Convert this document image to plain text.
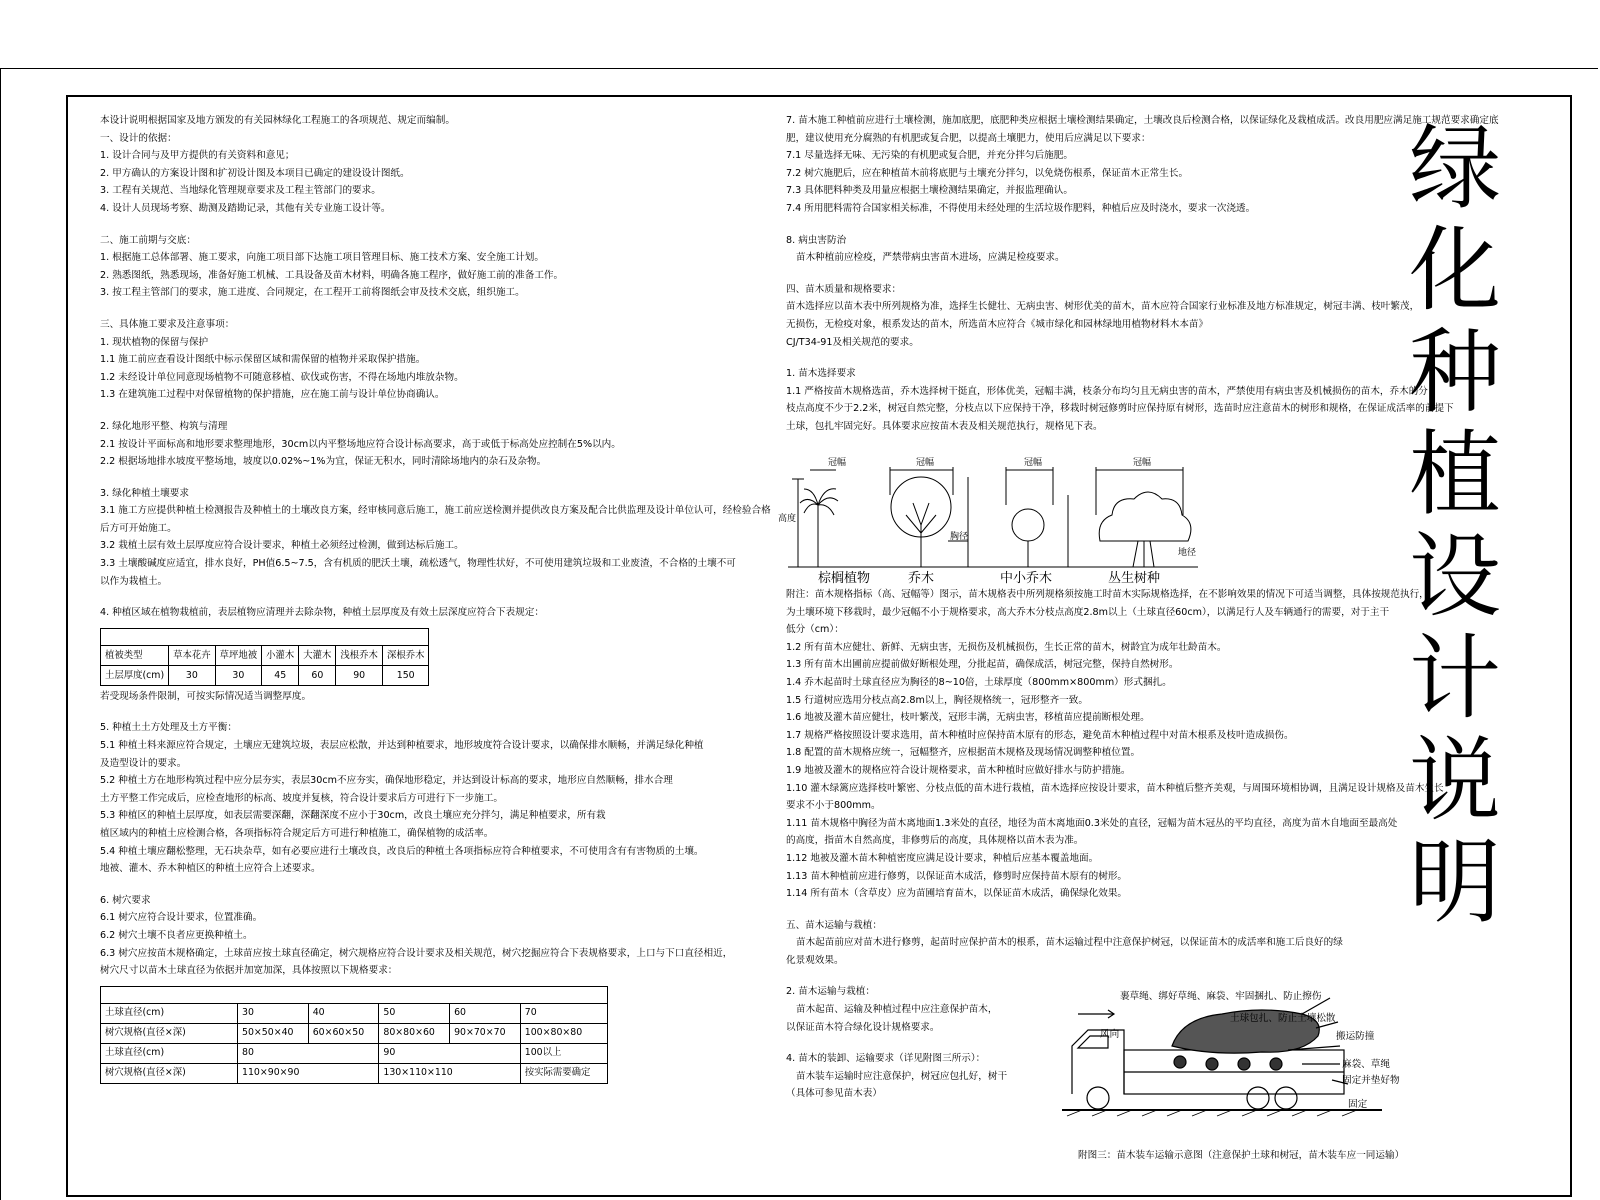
本设计说明根据国家及地方颁发的有关园林绿化工程施工的各项规范、规定而编制。

一、设计的依据：

1. 设计合同与及甲方提供的有关资料和意见；

2. 甲方确认的方案设计图和扩初设计图及本项目已确定的建设设计图纸。

3. 工程有关规范、当地绿化管理规章要求及工程主管部门的要求。

4. 设计人员现场考察、勘测及踏勘记录，其他有关专业施工设计等。

二、施工前期与交底：

1. 根据施工总体部署、施工要求，向施工项目部下达施工项目管理目标、施工技术方案、安全施工计划。

2. 熟悉图纸，熟悉现场，准备好施工机械、工具设备及苗木材料，明确各施工程序，做好施工前的准备工作。

3. 按工程主管部门的要求，施工进度、合同规定，在工程开工前将图纸会审及技术交底，组织施工。

三、具体施工要求及注意事项：

1. 现状植物的保留与保护

1.1 施工前应查看设计图纸中标示保留区域和需保留的植物并采取保护措施。

1.2 未经设计单位同意现场植物不可随意移植、砍伐或伤害，不得在场地内堆放杂物。

1.3 在建筑施工过程中对保留植物的保护措施，应在施工前与设计单位协商确认。

2. 绿化地形平整、构筑与清理

2.1 按设计平面标高和地形要求整理地形，30cm以内平整场地应符合设计标高要求，高于或低于标高处应控制在5%以内。

2.2 根据场地排水坡度平整场地，坡度以0.02%~1%为宜，保证无积水，同时清除场地内的杂石及杂物。

3. 绿化种植土壤要求

3.1 施工方应提供种植土检测报告及种植土的土壤改良方案，经审核同意后施工，施工前应送检测并提供改良方案及配合比供监理及设计单位认可，经检验合格

后方可开始施工。

3.2 栽植土层有效土层厚度应符合设计要求，种植土必须经过检测，做到达标后施工。

3.3 土壤酸碱度应适宜，排水良好，PH值6.5~7.5，含有机质的肥沃土壤，疏松透气，物理性状好，不可使用建筑垃圾和工业废渣，不合格的土壤不可

以作为栽植土。

4. 种植区域在植物栽植前，表层植物应清理并去除杂物，种植土层厚度及有效土层深度应符合下表规定：

植被类型	草本花卉	草坪地被	小灌木	大灌木	浅根乔木	深根乔木
土层厚度(cm)	30	30	45	60	90	150

若受现场条件限制，可按实际情况适当调整厚度。

5. 种植土土方处理及土方平衡：

5.1 种植土料来源应符合规定，土壤应无建筑垃圾，表层应松散，并达到种植要求，地形坡度符合设计要求，以确保排水顺畅，并满足绿化种植

及造型设计的要求。

5.2 种植土方在地形构筑过程中应分层夯实，表层30cm不应夯实，确保地形稳定，并达到设计标高的要求，地形应自然顺畅，排水合理

土方平整工作完成后，应检查地形的标高、坡度并复核，符合设计要求后方可进行下一步施工。

5.3 种植区的种植土层厚度，如表层需要深翻，深翻深度不应小于30cm，改良土壤应充分拌匀，满足种植要求，所有栽

植区域内的种植土应检测合格，各项指标符合规定后方可进行种植施工，确保植物的成活率。

5.4 种植土壤应翻松整理，无石块杂草，如有必要应进行土壤改良，改良后的种植土各项指标应符合种植要求，不可使用含有有害物质的土壤。

地被、灌木、乔木种植区的种植土应符合上述要求。

6. 树穴要求

6.1 树穴应符合设计要求，位置准确。

6.2 树穴土壤不良者应更换种植土。

6.3 树穴应按苗木规格确定，土球苗应按土球直径确定，树穴规格应符合设计要求及相关规范，树穴挖掘应符合下表规格要求，上口与下口直径相近，

树穴尺寸以苗木土球直径为依据并加宽加深，具体按照以下规格要求：

土球直径(cm)	30	40	50	60	70
树穴规格(直径×深)	50×50×40	60×60×50	80×80×60	90×70×70	100×80×80
土球直径(cm)	80		90		100以上
树穴规格(直径×深)	110×90×90		130×110×110		按实际需要确定

7. 苗木施工种植前应进行土壤检测，施加底肥，底肥种类应根据土壤检测结果确定，土壤改良后检测合格，以保证绿化及栽植成活。改良用肥应满足施工规范要求确定底

肥，建议使用充分腐熟的有机肥或复合肥，以提高土壤肥力，使用后应满足以下要求：

7.1 尽量选择无味、无污染的有机肥或复合肥，并充分拌匀后施肥。

7.2 树穴施肥后，应在种植苗木前将底肥与土壤充分拌匀，以免烧伤根系，保证苗木正常生长。

7.3 具体肥料种类及用量应根据土壤检测结果确定，并报监理确认。

7.4 所用肥料需符合国家相关标准，不得使用未经处理的生活垃圾作肥料，种植后应及时浇水，要求一次浇透。

8. 病虫害防治

苗木种植前应检疫，严禁带病虫害苗木进场，应满足检疫要求。

四、苗木质量和规格要求：

苗木选择应以苗木表中所列规格为准，选择生长健壮、无病虫害、树形优美的苗木，苗木应符合国家行业标准及地方标准规定，树冠丰满、枝叶繁茂，

无损伤，无检疫对象，根系发达的苗木，所选苗木应符合《城市绿化和园林绿地用植物材料木本苗》

CJ/T34-91及相关规范的要求。

1. 苗木选择要求

1.1 严格按苗木规格选苗，乔木选择树干挺直，形体优美，冠幅丰满，枝条分布均匀且无病虫害的苗木，严禁使用有病虫害及机械损伤的苗木，乔木的分

枝点高度不少于2.2米，树冠自然完整，分枝点以下应保持干净，移栽时树冠修剪时应保持原有树形，选苗时应注意苗木的树形和规格，在保证成活率的前提下

土球，包扎牢固完好。具体要求应按苗木表及相关规范执行，规格见下表。

冠幅	冠幅	冠幅	冠幅
高度
胸径
地径
棕榈植物	乔木	中小乔木	丛生树种

附注：苗木规格指标（高、冠幅等）图示，苗木规格表中所列规格须按施工时苗木实际规格选择，在不影响效果的情况下可适当调整，具体按规范执行，

为土壤环境下移栽时，最少冠幅不小于规格要求，高大乔木分枝点高度2.8m以上（土球直径60cm），以满足行人及车辆通行的需要，对于主干

低分（cm）：

1.2 所有苗木应健壮、新鲜、无病虫害，无损伤及机械损伤，生长正常的苗木，树龄宜为成年壮龄苗木。

1.3 所有苗木出圃前应提前做好断根处理，分批起苗，确保成活，树冠完整，保持自然树形。

1.4 乔木起苗时土球直径应为胸径的8~10倍，土球厚度（800mm×800mm）形式捆扎。

1.5 行道树应选用分枝点高2.8m以上，胸径规格统一，冠形整齐一致。

1.6 地被及灌木苗应健壮，枝叶繁茂，冠形丰满，无病虫害，移植苗应提前断根处理。

1.7 规格严格按照设计要求选用，苗木种植时应保持苗木原有的形态，避免苗木种植过程中对苗木根系及枝叶造成损伤。

1.8 配置的苗木规格应统一，冠幅整齐，应根据苗木规格及现场情况调整种植位置。

1.9 地被及灌木的规格应符合设计规格要求，苗木种植时应做好排水与防护措施。

1.10 灌木绿篱应选择枝叶繁密、分枝点低的苗木进行栽植，苗木选择应按设计要求，苗木种植后整齐美观，与周围环境相协调，且满足设计规格及苗木生长

要求不小于800mm。

1.11 苗木规格中胸径为苗木离地面1.3米处的直径，地径为苗木离地面0.3米处的直径，冠幅为苗木冠丛的平均直径，高度为苗木自地面至最高处

的高度，指苗木自然高度，非修剪后的高度，具体规格以苗木表为准。

1.12 地被及灌木苗木种植密度应满足设计要求，种植后应基本覆盖地面。

1.13 苗木种植前应进行修剪，以保证苗木成活，修剪时应保持苗木原有的树形。

1.14 所有苗木（含草皮）应为苗圃培育苗木，以保证苗木成活，确保绿化效果。

五、苗木运输与栽植：

苗木起苗前应对苗木进行修剪，起苗时应保护苗木的根系，苗木运输过程中注意保护树冠，以保证苗木的成活率和施工后良好的绿

化景观效果。

2. 苗木运输与栽植：

苗木起苗、运输及种植过程中应注意保护苗木，

以保证苗木符合绿化设计规格要求。

4. 苗木的装卸、运输要求（详见附图三所示）：

苗木装车运输时应注意保护，树冠应包扎好，树干

（具体可参见苗木表）

裹草绳、绑好草绳、麻袋、牢固捆扎、防止擦伤
土球包扎、防止土壤松散
搬运防撞
麻袋、草绳
固定并垫好物
固定
风向
附图三：苗木装车运输示意图（注意保护土球和树冠，苗木装车应一同运输）
绿
化
种
植
设
计
说
明
